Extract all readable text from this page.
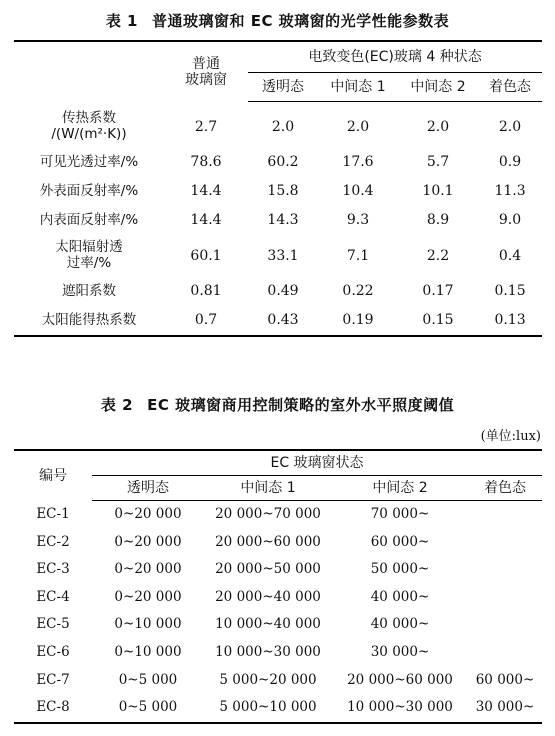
表 1 普通玻璃窗和 EC 玻璃窗的光学性能参数表

	普通
玻璃窗	电致变色(EC)玻璃 4 种状态			
		透明态	中间态 1	中间态 2	着色态

传热系数
/(W/(m²·K))	2.7	2.0	2.0	2.0	2.0

可见光透过率/%	78.6	60.2	17.6	5.7	0.9

外表面反射率/%	14.4	15.8	10.4	10.1	11.3

内表面反射率/%	14.4	14.3	9.3	8.9	9.0

太阳辐射透
过率/%	60.1	33.1	7.1	2.2	0.4

遮阳系数	0.81	0.49	0.22	0.17	0.15

太阳能得热系数	0.7	0.43	0.19	0.15	0.13
表 2 EC 玻璃窗商用控制策略的室外水平照度阈值
(单位:lux)
编号	EC 玻璃窗状态			
	透明态	中间态 1	中间态 2	着色态
EC-1	0~20 000	20 000~70 000	70 000~	
EC-2	0~20 000	20 000~60 000	60 000~	
EC-3	0~20 000	20 000~50 000	50 000~	
EC-4	0~20 000	20 000~40 000	40 000~	
EC-5	0~10 000	10 000~40 000	40 000~	
EC-6	0~10 000	10 000~30 000	30 000~	
EC-7	0~5 000	5 000~20 000	20 000~60 000	60 000~
EC-8	0~5 000	5 000~10 000	10 000~30 000	30 000~
